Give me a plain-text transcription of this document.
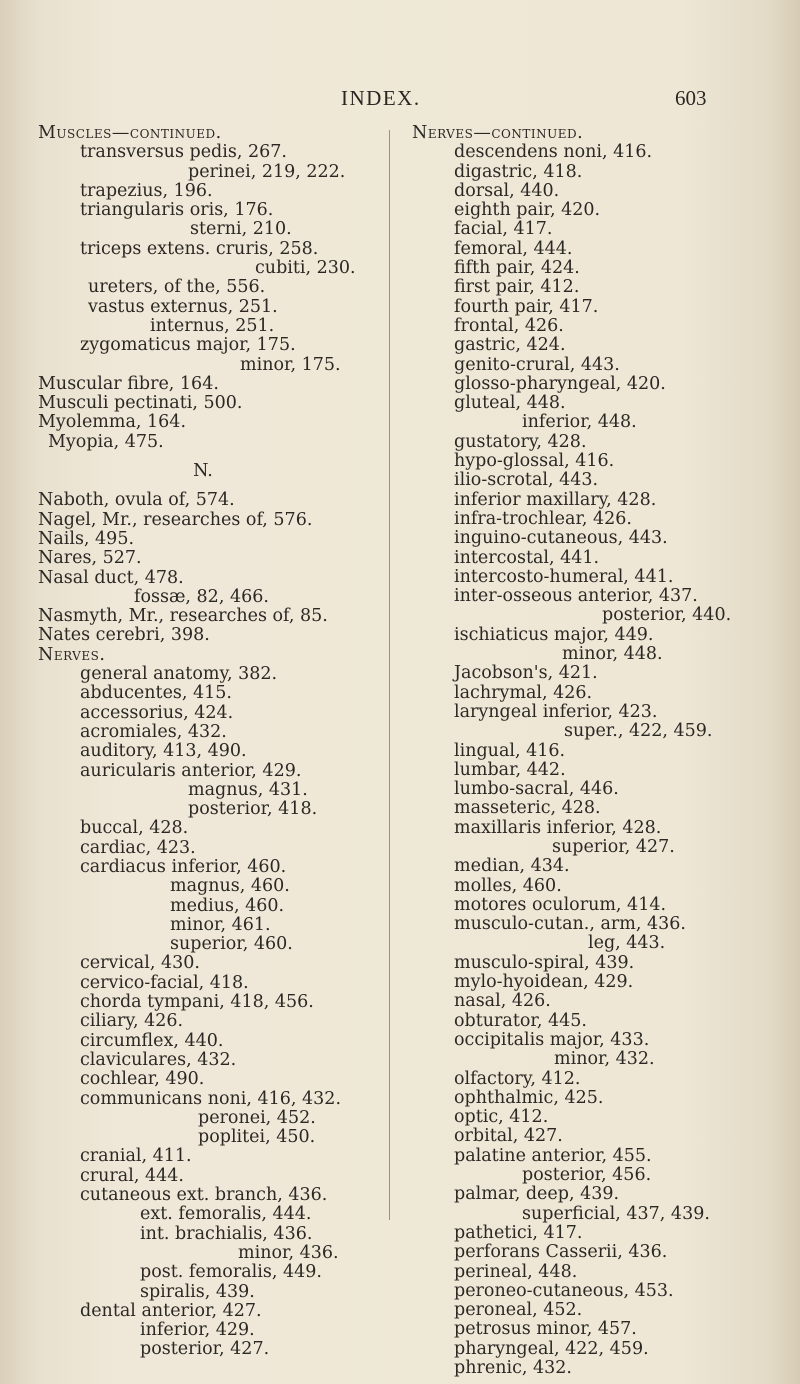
INDEX.	603
Muscles—continued.
transversus pedis, 267.
perinei, 219, 222.
trapezius, 196.
triangularis oris, 176.
sterni, 210.
triceps extens. cruris, 258.
cubiti, 230.
ureters, of the, 556.
vastus externus, 251.
internus, 251.
zygomaticus major, 175.
minor, 175.
Muscular fibre, 164.
Musculi pectinati, 500.
Myolemma, 164.
Myopia, 475.
N.
Naboth, ovula of, 574.
Nagel, Mr., researches of, 576.
Nails, 495.
Nares, 527.
Nasal duct, 478.
fossæ, 82, 466.
Nasmyth, Mr., researches of, 85.
Nates cerebri, 398.
Nerves.
general anatomy, 382.
abducentes, 415.
accessorius, 424.
acromiales, 432.
auditory, 413, 490.
auricularis anterior, 429.
magnus, 431.
posterior, 418.
buccal, 428.
cardiac, 423.
cardiacus inferior, 460.
magnus, 460.
medius, 460.
minor, 461.
superior, 460.
cervical, 430.
cervico-facial, 418.
chorda tympani, 418, 456.
ciliary, 426.
circumflex, 440.
claviculares, 432.
cochlear, 490.
communicans noni, 416, 432.
peronei, 452.
poplitei, 450.
cranial, 411.
crural, 444.
cutaneous ext. branch, 436.
ext. femoralis, 444.
int. brachialis, 436.
minor, 436.
post. femoralis, 449.
spiralis, 439.
dental anterior, 427.
inferior, 429.
posterior, 427.
Nerves—continued.
descendens noni, 416.
digastric, 418.
dorsal, 440.
eighth pair, 420.
facial, 417.
femoral, 444.
fifth pair, 424.
first pair, 412.
fourth pair, 417.
frontal, 426.
gastric, 424.
genito-crural, 443.
glosso-pharyngeal, 420.
gluteal, 448.
inferior, 448.
gustatory, 428.
hypo-glossal, 416.
ilio-scrotal, 443.
inferior maxillary, 428.
infra-trochlear, 426.
inguino-cutaneous, 443.
intercostal, 441.
intercosto-humeral, 441.
inter-osseous anterior, 437.
posterior, 440.
ischiaticus major, 449.
minor, 448.
Jacobson's, 421.
lachrymal, 426.
laryngeal inferior, 423.
super., 422, 459.
lingual, 416.
lumbar, 442.
lumbo-sacral, 446.
masseteric, 428.
maxillaris inferior, 428.
superior, 427.
median, 434.
molles, 460.
motores oculorum, 414.
musculo-cutan., arm, 436.
leg, 443.
musculo-spiral, 439.
mylo-hyoidean, 429.
nasal, 426.
obturator, 445.
occipitalis major, 433.
minor, 432.
olfactory, 412.
ophthalmic, 425.
optic, 412.
orbital, 427.
palatine anterior, 455.
posterior, 456.
palmar, deep, 439.
superficial, 437, 439.
pathetici, 417.
perforans Casserii, 436.
perineal, 448.
peroneo-cutaneous, 453.
peroneal, 452.
petrosus minor, 457.
pharyngeal, 422, 459.
phrenic, 432.
